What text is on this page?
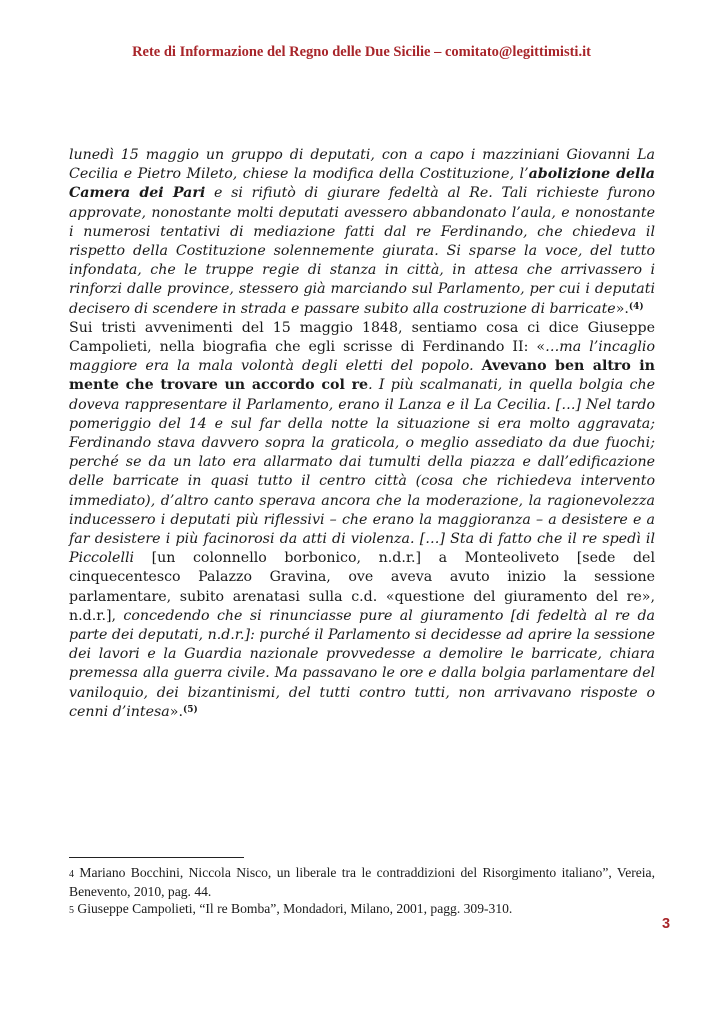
Rete di Informazione del Regno delle Due Sicilie – comitato@legittimisti.it

lunedì 15 maggio un gruppo di deputati, con a capo i mazziniani Giovanni La Cecilia e Pietro Mileto, chiese la modifica della Costituzione, l’abolizione della Camera dei Pari e si rifiutò di giurare fedeltà al Re. Tali richieste furono approvate, nonostante molti deputati avessero abbandonato l’aula, e nonostante i numerosi tentativi di mediazione fatti dal re Ferdinando, che chiedeva il rispetto della Costituzione solennemente giurata. Si sparse la voce, del tutto infondata, che le truppe regie di stanza in città, in attesa che arrivassero i rinforzi dalle province, stessero già marciando sul Parlamento, per cui i deputati decisero di scendere in strada e passare subito alla costruzione di barricate».$^{(4)}$

Sui tristi avvenimenti del 15 maggio 1848, sentiamo cosa ci dice Giuseppe Campolieti, nella biografia che egli scrisse di Ferdinando II: «…ma l’incaglio maggiore era la mala volontà degli eletti del popolo. Avevano ben altro in mente che trovare un accordo col re. I più scalmanati, in quella bolgia che doveva rappresentare il Parlamento, erano il Lanza e il La Cecilia. […] Nel tardo pomeriggio del 14 e sul far della notte la situazione si era molto aggravata; Ferdinando stava davvero sopra la graticola, o meglio assediato da due fuochi; perché se da un lato era allarmato dai tumulti della piazza e dall’edificazione delle barricate in quasi tutto il centro città (cosa che richiedeva intervento immediato), d’altro canto sperava ancora che la moderazione, la ragionevolezza inducessero i deputati più riflessivi – che erano la maggioranza – a desistere e a far desistere i più facinorosi da atti di violenza. […] Sta di fatto che il re spedì il Piccolelli [un colonnello borbonico, n.d.r.] a Monteoliveto [sede del cinquecentesco Palazzo Gravina, ove aveva avuto inizio la sessione parlamentare, subito arenatasi sulla c.d. «questione del giuramento del re», n.d.r.], concedendo che si rinunciasse pure al giuramento [di fedeltà al re da parte dei deputati, n.d.r.]: purché il Parlamento si decidesse ad aprire la sessione dei lavori e la Guardia nazionale provvedesse a demolire le barricate, chiara premessa alla guerra civile. Ma passavano le ore e dalla bolgia parlamentare del vaniloquio, dei bizantinismi, del tutti contro tutti, non arrivavano risposte o cenni d’intesa».$^{(5)}$

4 Mariano Bocchini, Niccola Nisco, un liberale tra le contraddizioni del Risorgimento italiano”, Vereia, Benevento, 2010, pag. 44.

5 Giuseppe Campolieti, “Il re Bomba”, Mondadori, Milano, 2001, pagg. 309-310.

3
